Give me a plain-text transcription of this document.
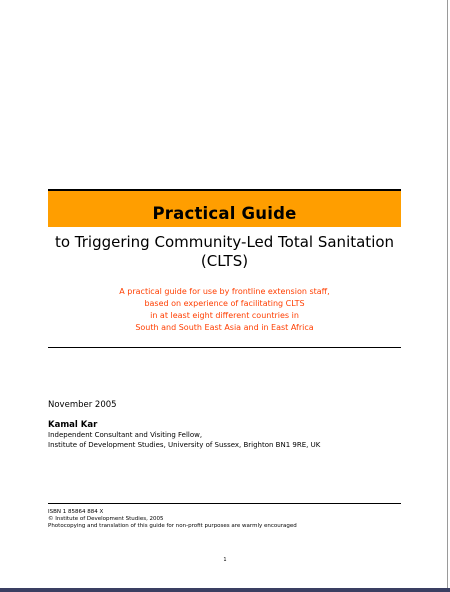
Practical Guide
to Triggering Community-Led Total Sanitation
(CLTS)
A practical guide for use by frontline extension staff,
based on experience of facilitating CLTS
in at least eight different countries in
South and South East Asia and in East Africa
November 2005
Kamal Kar
Independent Consultant and Visiting Fellow,
Institute of Development Studies, University of Sussex, Brighton BN1 9RE, UK
ISBN 1 85864 884 X
© Institute of Development Studies, 2005
Photocopying and translation of this guide for non-profit purposes are warmly encouraged
1
